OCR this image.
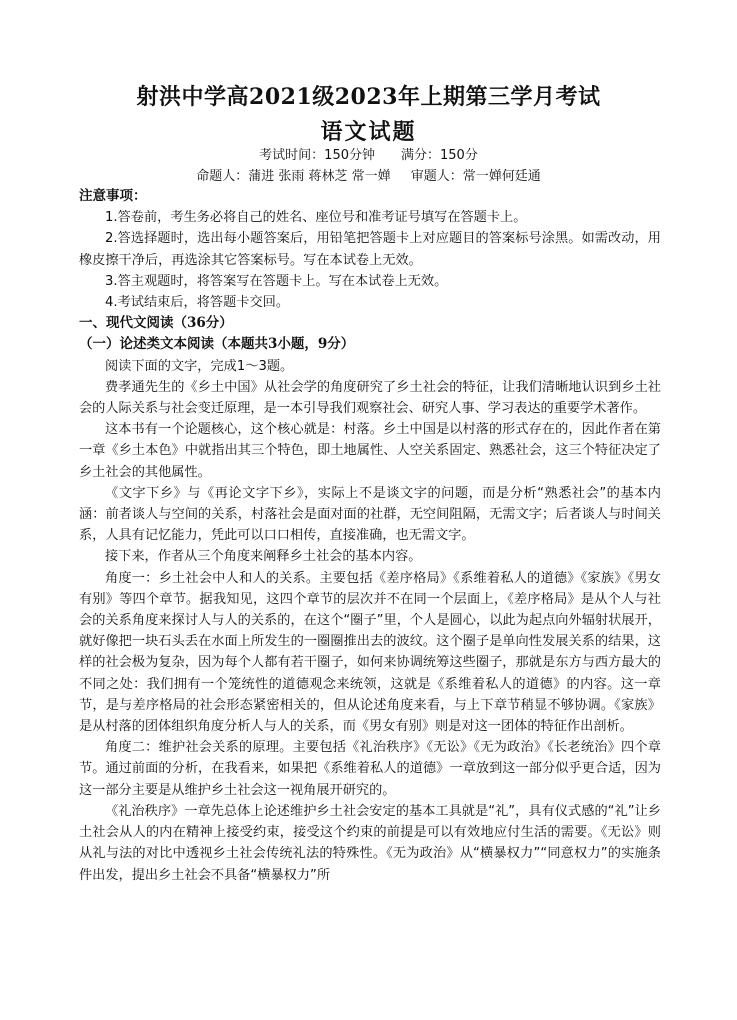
射洪中学高2021级2023年上期第三学月考试
语文试题
考试时间：150分钟 满分：150分
命题人：蒲进 张雨 蒋林芝 常一婵 审题人：常一婵何廷通

注意事项：

1.答卷前，考生务必将自己的姓名、座位号和准考证号填写在答题卡上。

2.答选择题时，选出每小题答案后，用铅笔把答题卡上对应题目的答案标号涂黑。如需改动，用橡皮擦干净后，再选涂其它答案标号。写在本试卷上无效。

3.答主观题时，将答案写在答题卡上。写在本试卷上无效。

4.考试结束后，将答题卡交回。

一、现代文阅读（36分）

（一）论述类文本阅读（本题共3小题，9分）

阅读下面的文字，完成1～3题。

费孝通先生的《乡土中国》从社会学的角度研究了乡土社会的特征，让我们清晰地认识到乡土社会的人际关系与社会变迁原理，是一本引导我们观察社会、研究人事、学习表达的重要学术著作。

这本书有一个论题核心，这个核心就是：村落。乡土中国是以村落的形式存在的，因此作者在第一章《乡土本色》中就指出其三个特色，即土地属性、人空关系固定、熟悉社会，这三个特征决定了乡土社会的其他属性。

《文字下乡》与《再论文字下乡》，实际上不是谈文字的问题，而是分析“熟悉社会”的基本内涵：前者谈人与空间的关系，村落社会是面对面的社群，无空间阻隔，无需文字；后者谈人与时间关系，人具有记忆能力，凭此可以口口相传，直接准确，也无需文字。

接下来，作者从三个角度来阐释乡土社会的基本内容。

角度一：乡土社会中人和人的关系。主要包括《差序格局》《系维着私人的道德》《家族》《男女有别》等四个章节。据我知见，这四个章节的层次并不在同一个层面上，《差序格局》是从个人与社会的关系角度来探讨人与人的关系的，在这个“圈子”里，个人是圆心，以此为起点向外辐射状展开，就好像把一块石头丢在水面上所发生的一圈圈推出去的波纹。这个圈子是单向性发展关系的结果，这样的社会极为复杂，因为每个人都有若干圈子，如何来协调统筹这些圈子，那就是东方与西方最大的不同之处：我们拥有一个笼统性的道德观念来统领，这就是《系维着私人的道德》的内容。这一章节，是与差序格局的社会形态紧密相关的，但从论述角度来看，与上下章节稍显不够协调。《家族》是从村落的团体组织角度分析人与人的关系，而《男女有别》则是对这一团体的特征作出剖析。

角度二：维护社会关系的原理。主要包括《礼治秩序》《无讼》《无为政治》《长老统治》四个章节。通过前面的分析，在我看来，如果把《系维着私人的道德》一章放到这一部分似乎更合适，因为这一部分主要是从维护乡土社会这一视角展开研究的。

《礼治秩序》一章先总体上论述维护乡土社会安定的基本工具就是“礼”，具有仪式感的“礼”让乡土社会从人的内在精神上接受约束，接受这个约束的前提是可以有效地应付生活的需要。《无讼》则从礼与法的对比中透视乡土社会传统礼法的特殊性。《无为政治》从“横暴权力”“同意权力”的实施条件出发，提出乡土社会不具备“横暴权力”所
